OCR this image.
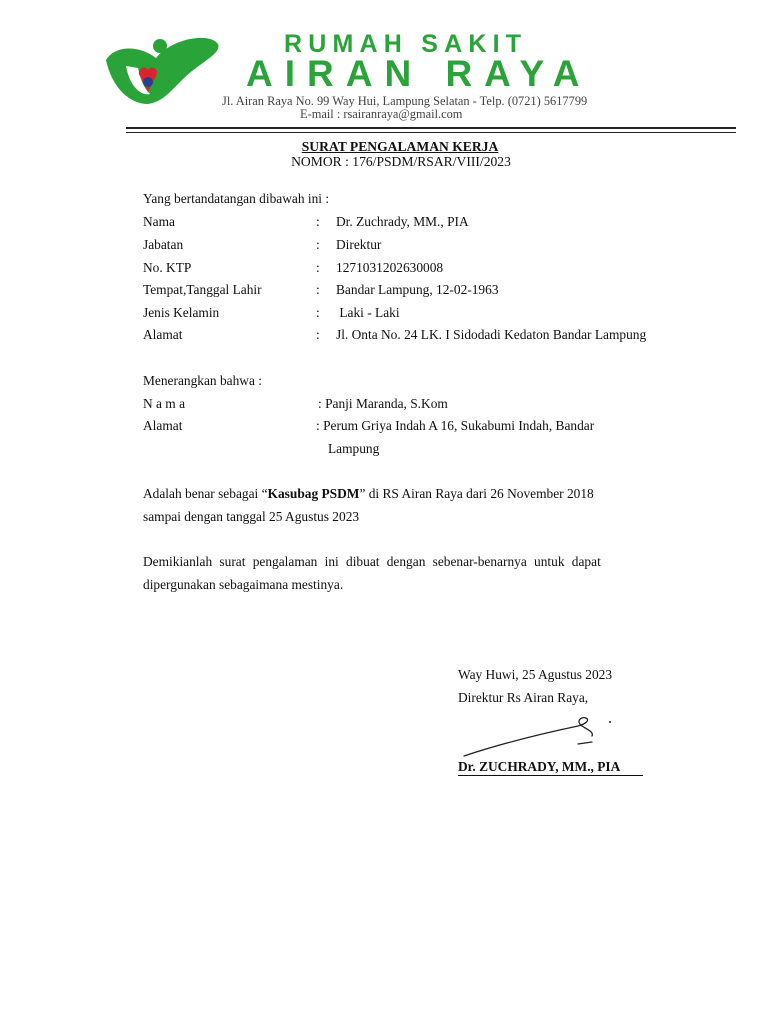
RUMAH SAKIT
AIRAN RAYA
Jl. Airan Raya No. 99 Way Hui, Lampung Selatan - Telp. (0721) 5617799
E-mail : rsairanraya@gmail.com
SURAT PENGALAMAN KERJA
NOMOR : 176/PSDM/RSAR/VIII/2023
Yang bertandatangan dibawah ini :
Nama	: Dr. Zuchrady, MM., PIA
Jabatan	: Direktur
No. KTP	: 1271031202630008
Tempat,Tanggal Lahir	: Bandar Lampung, 12-02-1963
Jenis Kelamin	: Laki - Laki
Alamat	: Jl. Onta No. 24 LK. I Sidodadi Kedaton Bandar Lampung
Menerangkan bahwa :
N a m a	: Panji Maranda, S.Kom
Alamat	: Perum Griya Indah A 16, Sukabumi Indah, Bandar
Lampung
Adalah benar sebagai “Kasubag PSDM” di RS Airan Raya dari 26 November 2018
sampai dengan tanggal 25 Agustus 2023
Demikianlah surat pengalaman ini dibuat dengan sebenar-benarnya untuk dapat
dipergunakan sebagaimana mestinya.
Way Huwi, 25 Agustus 2023
Direktur Rs Airan Raya,
Dr. ZUCHRADY, MM., PIA
